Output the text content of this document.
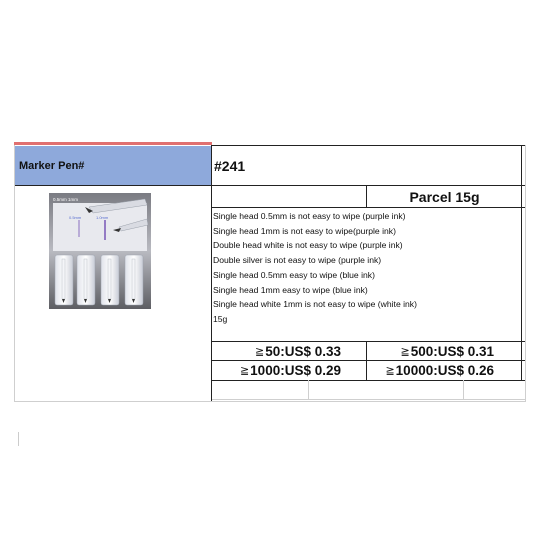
Marker Pen#	#241
Parcel 15g
Single head 0.5mm is not easy to wipe (purple ink)
Single head 1mm is not easy to wipe(purple ink)
Double head white is not easy to wipe (purple ink)
Double silver is not easy to wipe (purple ink)
Single head 0.5mm easy to wipe (blue ink)
Single head 1mm easy to wipe (blue ink)
Single head white 1mm is not easy to wipe (white ink)
15g
≧ 50:US$ 0.33	≧ 500:US$ 0.31
≧ 1000:US$ 0.29	≧ 10000:US$ 0.26
0.5mm 1mm
0.5mm	1.0mm
